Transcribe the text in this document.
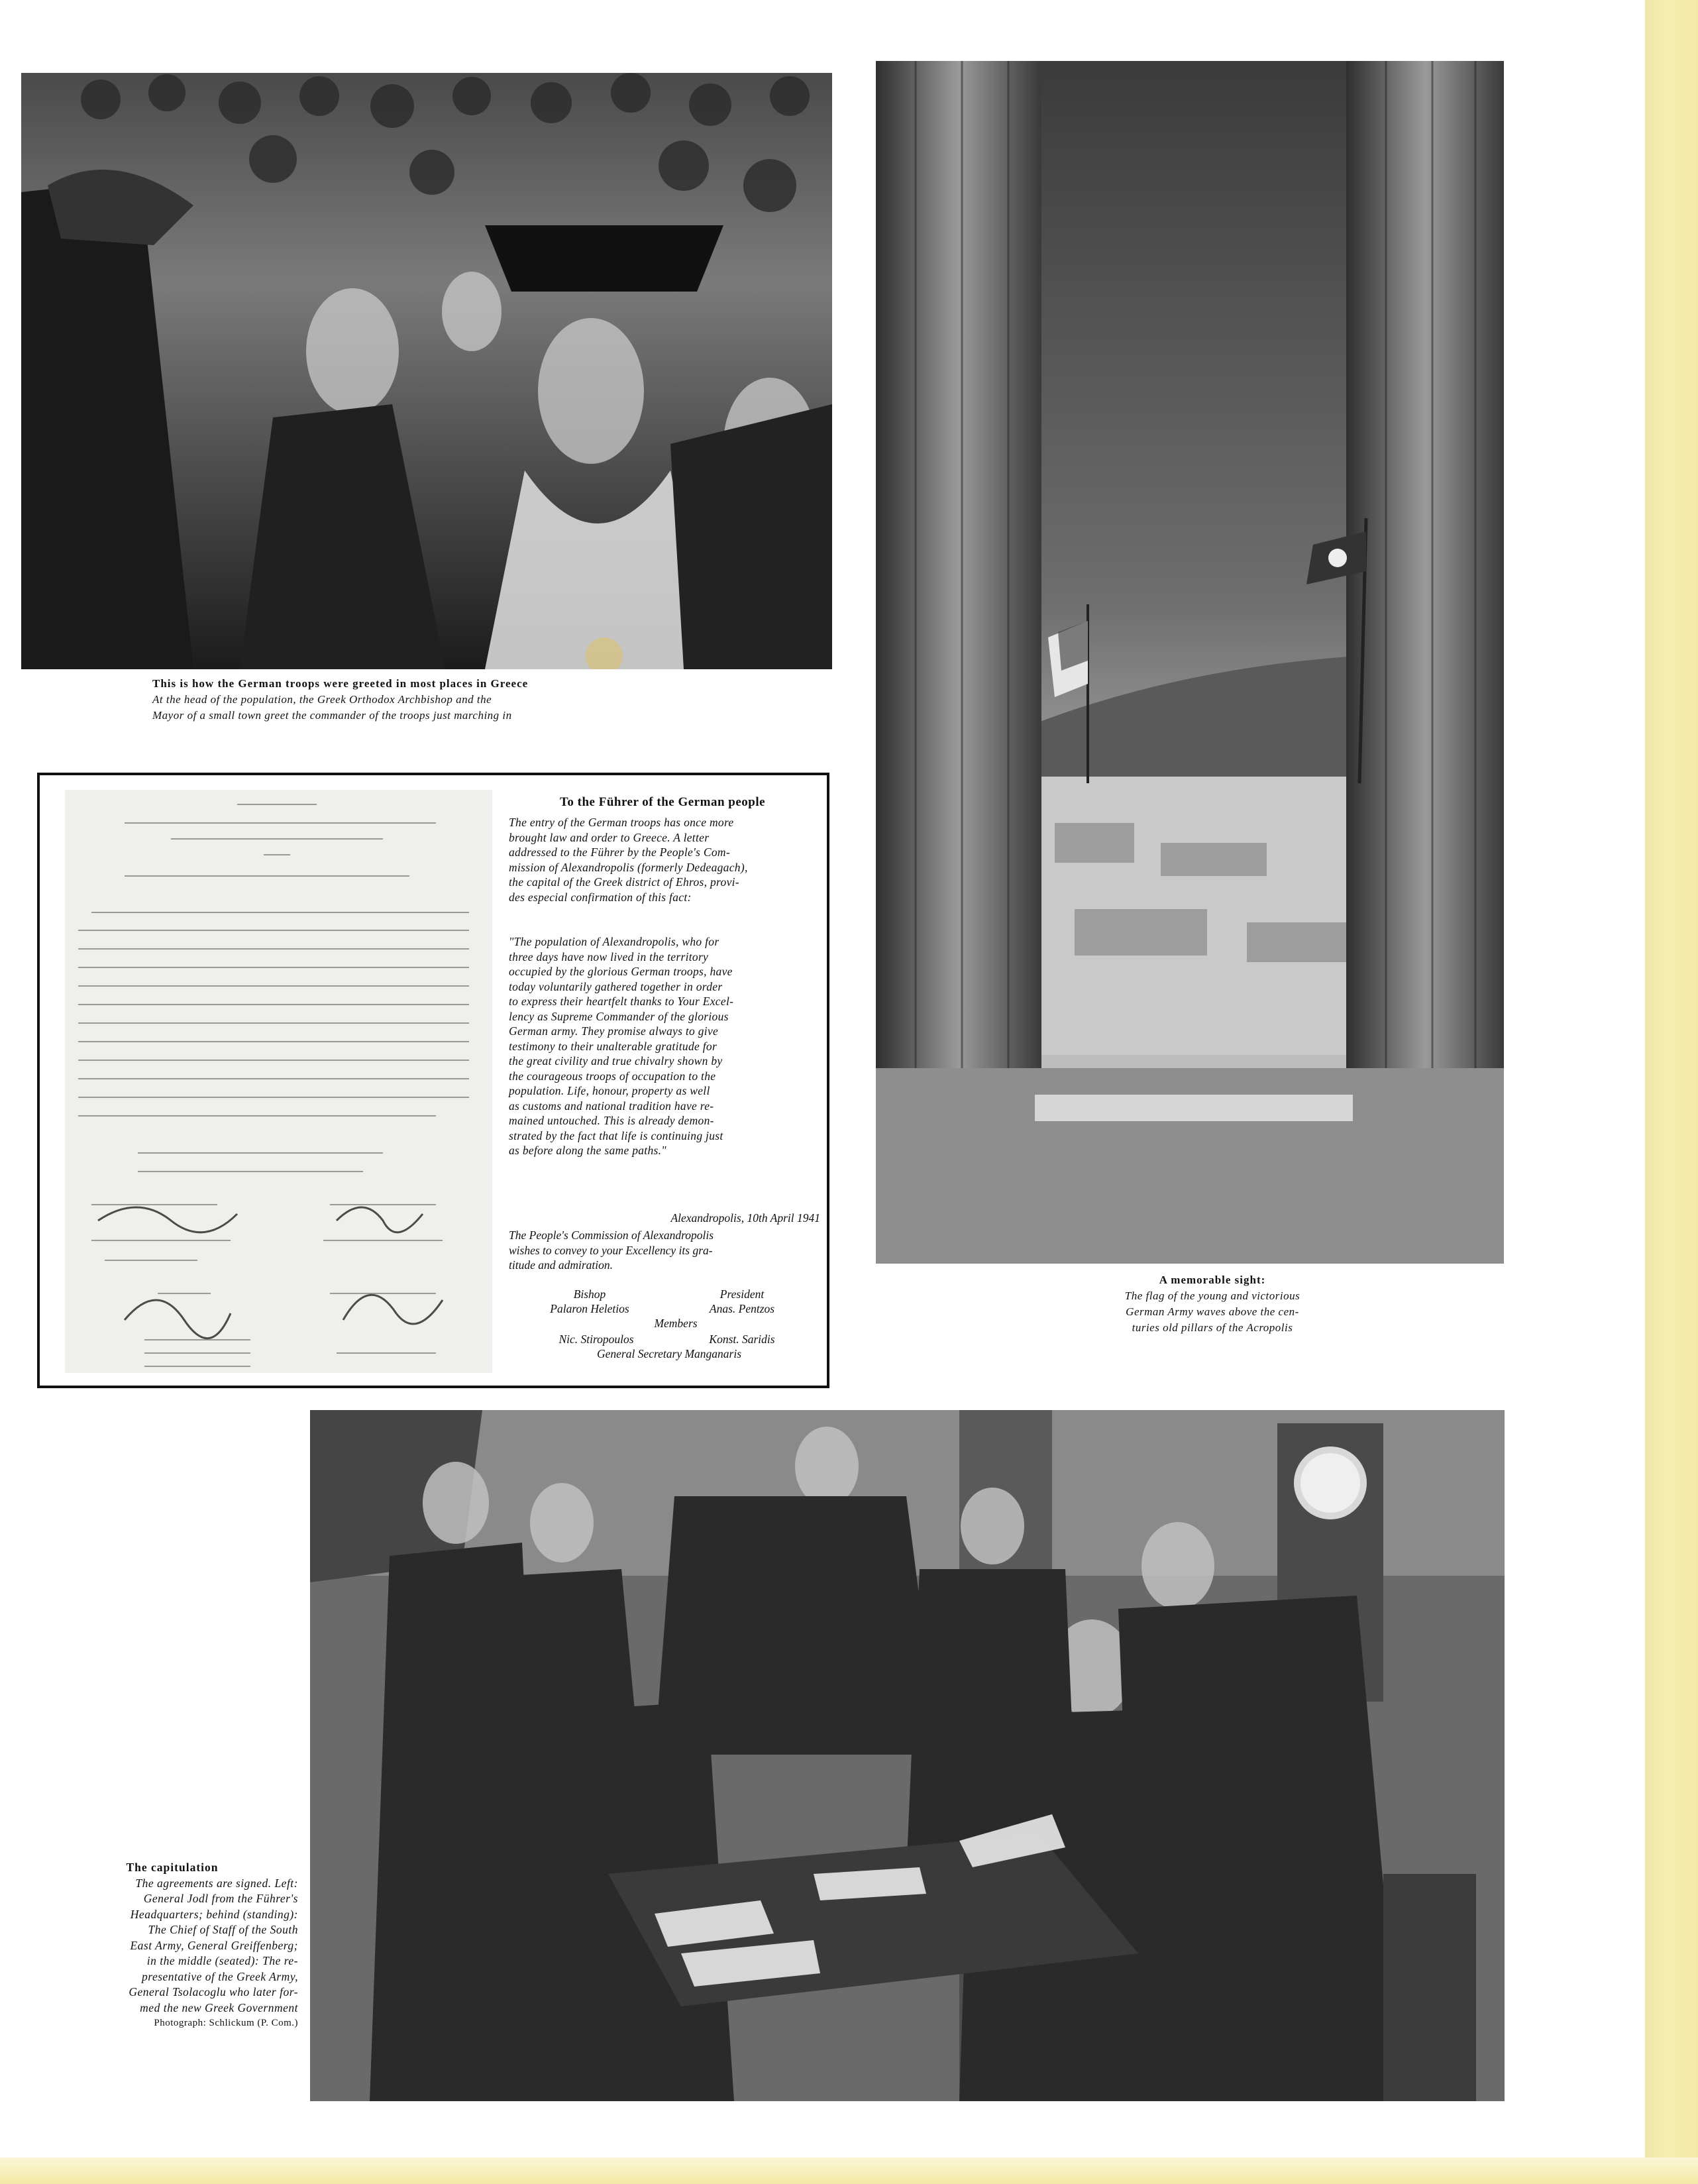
This is how the German troops were greeted in most places in Greece
At the head of the population, the Greek Orthodox Archbishop and the
Mayor of a small town greet the commander of the troops just marching in
A memorable sight:
The flag of the young and victorious
German Army waves above the cen-
turies old pillars of the Acropolis
To the Führer of the German people
The entry of the German troops has once more
brought law and order to Greece. A letter
addressed to the Führer by the People's Com-
mission of Alexandropolis (formerly Dedeagach),
the capital of the Greek district of Ehros, provi-
des especial confirmation of this fact:
"The population of Alexandropolis, who for
three days have now lived in the territory
occupied by the glorious German troops, have
today voluntarily gathered together in order
to express their heartfelt thanks to Your Excel-
lency as Supreme Commander of the glorious
German army. They promise always to give
testimony to their unalterable gratitude for
the great civility and true chivalry shown by
the courageous troops of occupation to the
population. Life, honour, property as well
as customs and national tradition have re-
mained untouched. This is already demon-
strated by the fact that life is continuing just
as before along the same paths."
Alexandropolis, 10th April 1941
The People's Commission of Alexandropolis
wishes to convey to your Excellency its gra-
titude and admiration.
Bishop
Palaron Heletios
President
Anas. Pentzos
Members
Nic. Stiropoulos	Konst. Saridis
General Secretary Manganaris
The capitulation
The agreements are signed. Left:
General Jodl from the Führer's
Headquarters; behind (standing):
The Chief of Staff of the South
East Army, General Greiffenberg;
in the middle (seated): The re-
presentative of the Greek Army,
General Tsolacoglu who later for-
med the new Greek Government
Photograph: Schlickum (P. Com.)
